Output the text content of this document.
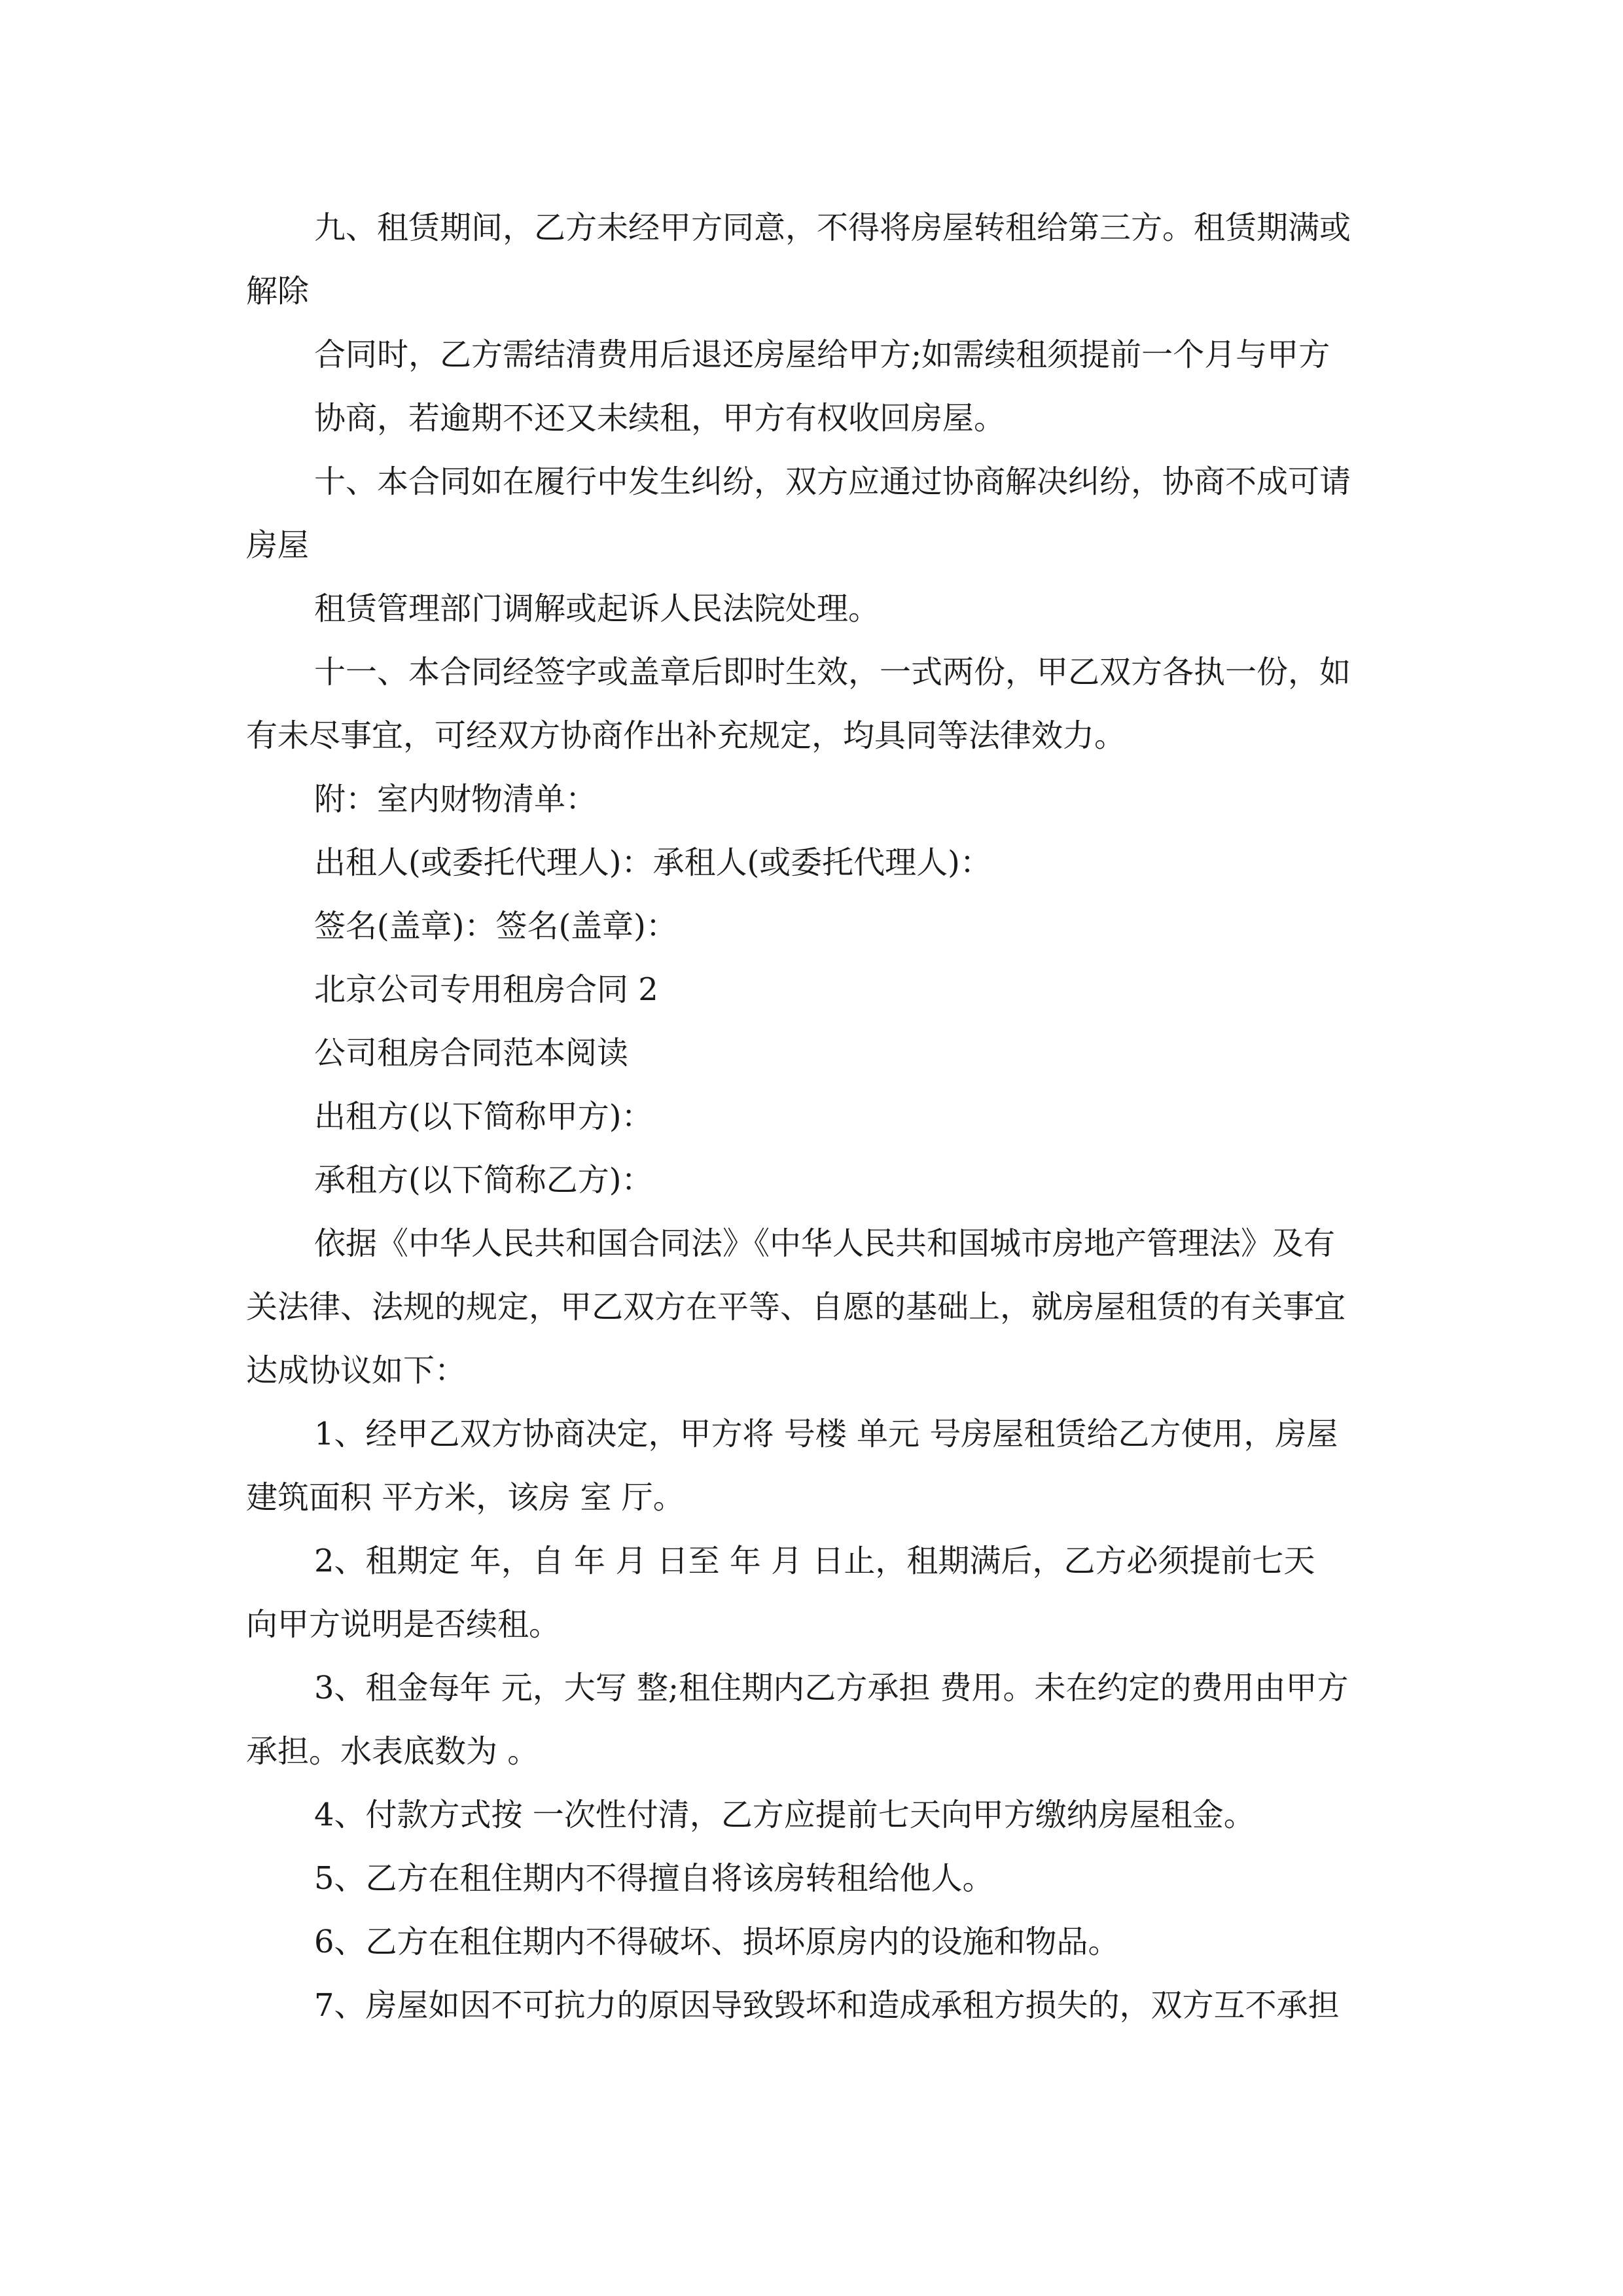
九、租赁期间，乙方未经甲方同意，不得将房屋转租给第三方。租赁期满或
解除
合同时，乙方需结清费用后退还房屋给甲方;如需续租须提前一个月与甲方
协商，若逾期不还又未续租，甲方有权收回房屋。
十、本合同如在履行中发生纠纷，双方应通过协商解决纠纷，协商不成可请
房屋
租赁管理部门调解或起诉人民法院处理。
十一、本合同经签字或盖章后即时生效，一式两份，甲乙双方各执一份，如
有未尽事宜，可经双方协商作出补充规定，均具同等法律效力。
附：室内财物清单：
出租人(或委托代理人)：承租人(或委托代理人)：
签名(盖章)：签名(盖章)：
北京公司专用租房合同 2
公司租房合同范本阅读
出租方(以下简称甲方)：
承租方(以下简称乙方)：
依据《中华人民共和国合同法》《中华人民共和国城市房地产管理法》及有
关法律、法规的规定，甲乙双方在平等、自愿的基础上，就房屋租赁的有关事宜
达成协议如下：
1、经甲乙双方协商决定，甲方将 号楼 单元 号房屋租赁给乙方使用，房屋
建筑面积 平方米，该房 室 厅。
2、租期定 年，自 年 月 日至 年 月 日止，租期满后，乙方必须提前七天
向甲方说明是否续租。
3、租金每年 元，大写 整;租住期内乙方承担 费用。未在约定的费用由甲方
承担。水表底数为 。
4、付款方式按 一次性付清，乙方应提前七天向甲方缴纳房屋租金。
5、乙方在租住期内不得擅自将该房转租给他人。
6、乙方在租住期内不得破坏、损坏原房内的设施和物品。
7、房屋如因不可抗力的原因导致毁坏和造成承租方损失的，双方互不承担
